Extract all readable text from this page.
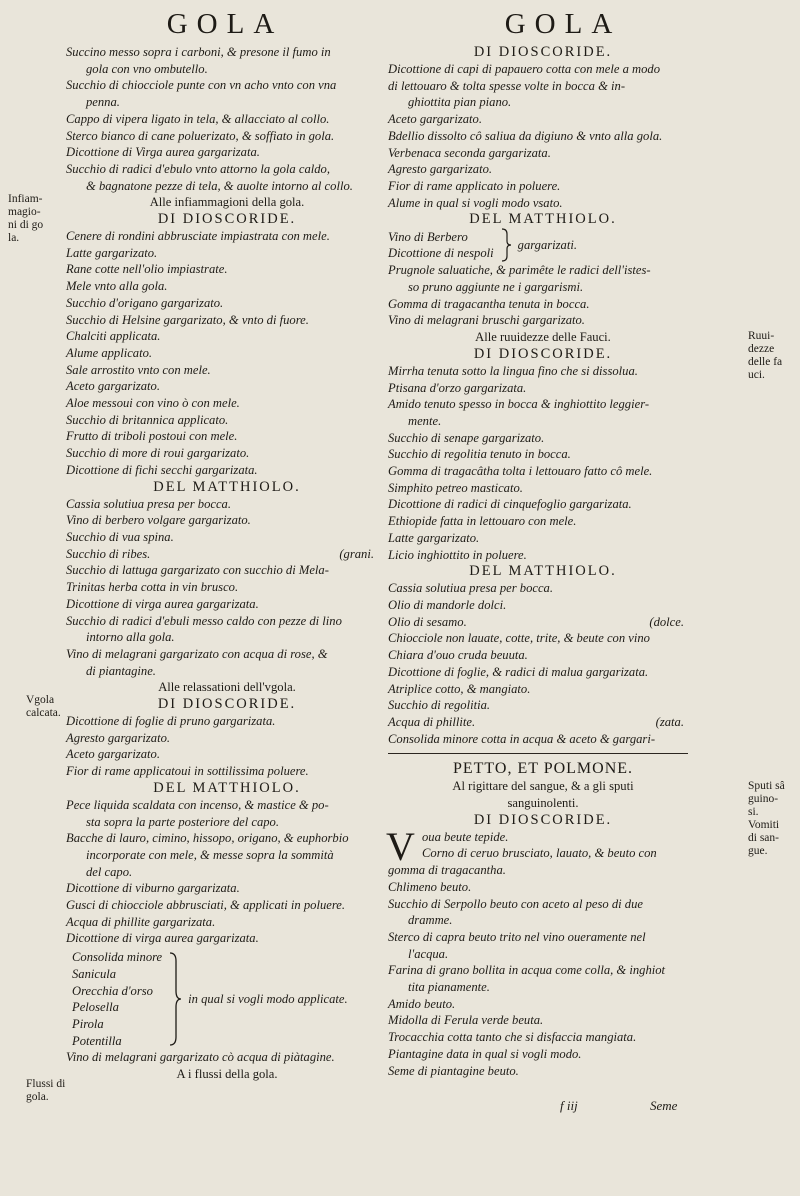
GOLA	GOLA
Succino messo sopra i carboni, & presone il fumo in
gola con vno ombutello.
Succhio di chiocciole punte con vn acho vnto con vna
penna.
Cappo di vipera ligato in tela, & allacciato al collo.
Sterco bianco di cane poluerizato, & soffiato in gola.
Dicottione di Virga aurea gargarizata.
Succhio di radici d'ebulo vnto attorno la gola caldo,
& bagnatone pezze di tela, & auolte intorno al collo.
Alle infiammagioni della gola.
DI DIOSCORIDE.
Cenere di rondini abbrusciate impiastrata con mele.
Latte gargarizato.
Rane cotte nell'olio impiastrate.
Mele vnto alla gola.
Succhio d'origano gargarizato.
Succhio di Helsine gargarizato, & vnto di fuore.
Chalciti applicata.
Alume applicato.
Sale arrostito vnto con mele.
Aceto gargarizato.
Aloe messoui con vino ò con mele.
Succhio di britannica applicato.
Frutto di triboli postoui con mele.
Succhio di more di roui gargarizato.
Dicottione di fichi secchi gargarizata.
DEL MATTHIOLO.
Cassia solutiua presa per bocca.
Vino di berbero volgare gargarizato.
Succhio di vua spina.
Succhio di ribes.	(grani.
Succhio di lattuga gargarizato con succhio di Mela-
Trinitas herba cotta in vin brusco.
Dicottione di virga aurea gargarizata.
Succhio di radici d'ebuli messo caldo con pezze di lino
intorno alla gola.
Vino di melagrani gargarizato con acqua di rose, &
di piantagine.
Alle relassationi dell'vgola.
DI DIOSCORIDE.
Dicottione di foglie di pruno gargarizata.
Agresto gargarizato.
Aceto gargarizato.
Fior di rame applicatoui in sottilissima poluere.
DEL MATTHIOLO.
Pece liquida scaldata con incenso, & mastice & po-
sta sopra la parte posteriore del capo.
Bacche di lauro, cimino, hissopo, origano, & euphorbio
incorporate con mele, & messe sopra la sommità
del capo.
Dicottione di viburno gargarizata.
Gusci di chiocciole abbrusciati, & applicati in poluere.
Acqua di phillite gargarizata.
Dicottione di virga aurea gargarizata.
Consolida minore
Sanicula
Orecchia d'orso
Pelosella
Pirola
Potentilla
in qual si vogli modo applicate.
Vino di melagrani gargarizato cò acqua di piàtagine.
A i flussi della gola.
DI DIOSCORIDE.
Dicottione di capi di papauero cotta con mele a modo
di lettouaro & tolta spesse volte in bocca & in-
ghiottita pian piano.
Aceto gargarizato.
Bdellio dissolto cô saliua da digiuno & vnto alla gola.
Verbenaca seconda gargarizata.
Agresto gargarizato.
Fior di rame applicato in poluere.
Alume in qual si vogli modo vsato.
DEL MATTHIOLO.
Vino di Berbero
Dicottione di nespoli
gargarizati.
Prugnole saluatiche, & parimête le radici dell'istes-
so pruno aggiunte ne i gargarismi.
Gomma di tragacantha tenuta in bocca.
Vino di melagrani bruschi gargarizato.
Alle ruuidezze delle Fauci.
DI DIOSCORIDE.
Mirrha tenuta sotto la lingua fino che si dissolua.
Ptisana d'orzo gargarizata.
Amido tenuto spesso in bocca & inghiottito leggier-
mente.
Succhio di senape gargarizato.
Succhio di regolitia tenuto in bocca.
Gomma di tragacâtha tolta i lettouaro fatto cô mele.
Simphito petreo masticato.
Dicottione di radici di cinquefoglio gargarizata.
Ethiopide fatta in lettouaro con mele.
Latte gargarizato.
Licio inghiottito in poluere.
DEL MATTHIOLO.
Cassia solutiua presa per bocca.
Olio di mandorle dolci.
Olio di sesamo.	(dolce.
Chiocciole non lauate, cotte, trite, & beute con vino
Chiara d'ouo cruda beuuta.
Dicottione di foglie, & radici di malua gargarizata.
Atriplice cotto, & mangiato.
Succhio di regolitia.
Acqua di phillite.	(zata.
Consolida minore cotta in acqua & aceto & gargari-
PETTO, ET POLMONE.
Al rigittare del sangue, & a gli sputi
sanguinolenti.
DI DIOSCORIDE.
V oua beute tepide.
Corno di ceruo brusciato, lauato, & beuto con
gomma di tragacantha.
Chlimeno beuto.
Succhio di Serpollo beuto con aceto al peso di due
dramme.
Sterco di capra beuto trito nel vino oueramente nel
l'acqua.
Farina di grano bollita in acqua come colla, & inghiot
tita pianamente.
Amido beuto.
Midolla di Ferula verde beuta.
Trocacchia cotta tanto che si disfaccia mangiata.
Piantagine data in qual si vogli modo.
Seme di piantagine beuto.
f iij	Seme
Infiam-
magio-
ni di go
la.
Vgola
calcata.
Flussi di
gola.
Ruui-
dezze
delle fa
uci.
Sputi sâ
guino-
si.
Vomiti
di san-
gue.
